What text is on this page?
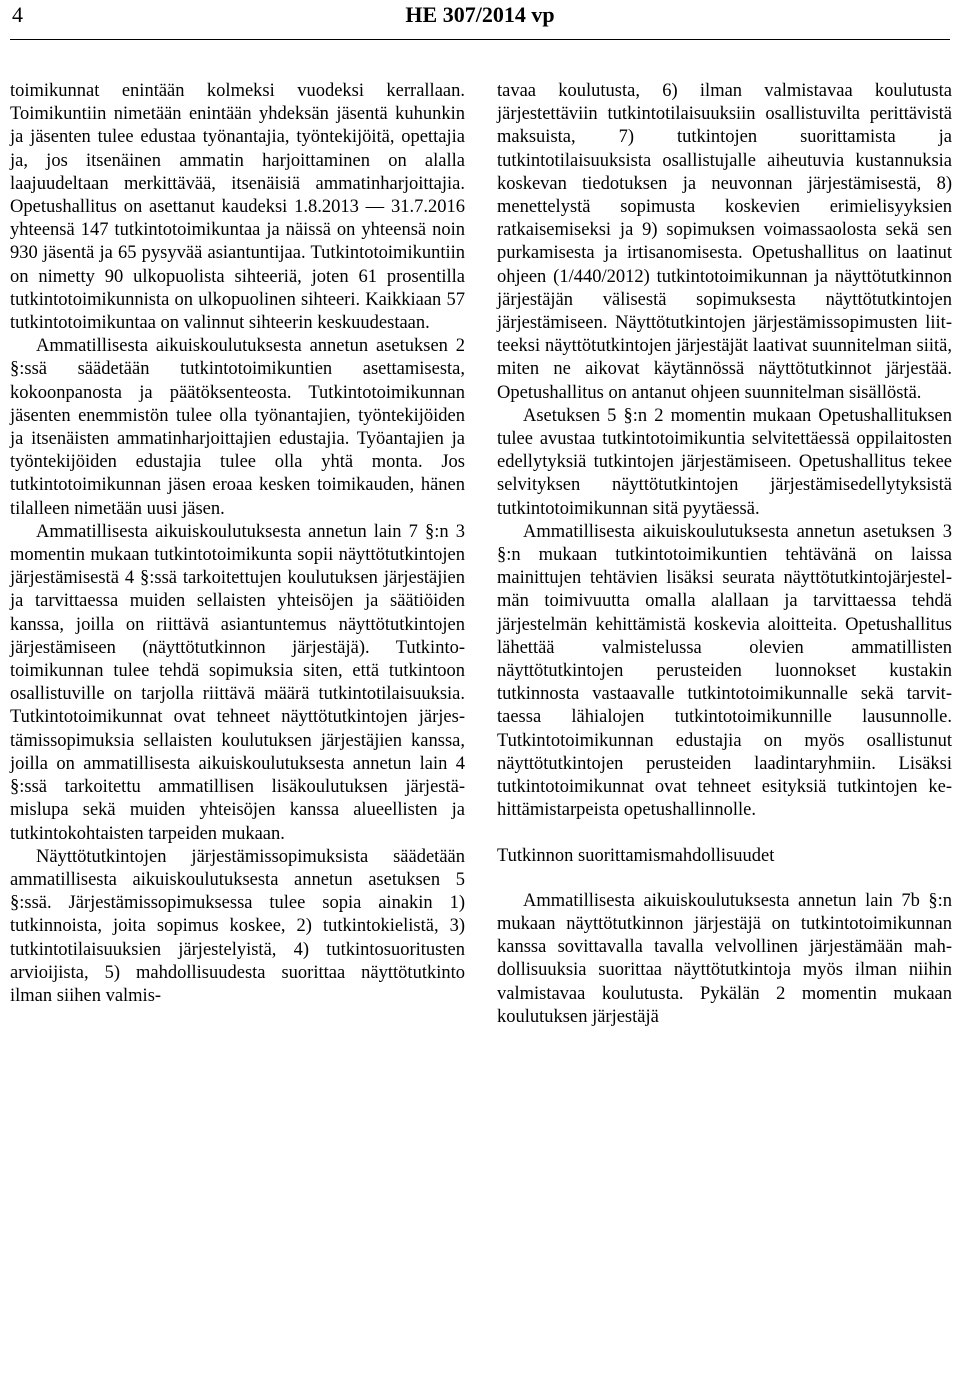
4	HE 307/2014 vp

toimikunnat enintään kolmeksi vuodeksi kerrallaan. Toimikuntiin nimetään enintään yhdeksän jäsentä kuhunkin ja jäsenten tulee edustaa työnantajia, työntekijöitä, opettajia ja, jos itsenäinen ammatin harjoittaminen on alalla laajuudeltaan merkittävää, itsenäisiä ammatinharjoittajia. Opetushallitus on asettanut kaudeksi 1.8.2013 — 31.7.2016 yhteensä 147 tutkintotoimikuntaa ja näissä on yhteensä noin 930 jäsentä ja 65 pysyvää asiantuntijaa. Tutkintotoimikuntiin on nimetty 90 ulkopuolista sihteeriä, joten 61 prosentilla tutkintotoimikunnista on ulkopuolinen sihteeri. Kaikkiaan 57 tutkintotoimikuntaa on valinnut sihteerin keskuudestaan.

Ammatillisesta aikuiskoulutuksesta annetun asetuksen 2 §:ssä säädetään tutkintotoimikuntien asettamisesta, kokoonpanosta ja päätöksenteosta. Tutkintotoimikunnan jäsenten enemmistön tulee olla työnantajien, työntekijöiden ja itsenäisten ammatinharjoittajien edustajia. Työantajien ja työntekijöiden edustajia tulee olla yhtä monta. Jos tutkintotoimikunnan jäsen eroaa kesken toimikauden, hänen tilalleen nimetään uusi jäsen.

Ammatillisesta aikuiskoulutuksesta annetun lain 7 §:n 3 momentin mukaan tutkintotoimikunta sopii näyttötutkintojen järjestämisestä 4 §:ssä tarkoitettujen koulutuksen järjestäjien ja tarvittaessa muiden sellaisten yhteisöjen ja säätiöiden kanssa, joilla on riittävä asiantuntemus näyttötutkintojen järjestämiseen (näyttötutkinnon järjestäjä). Tutkintotoimikunnan tulee tehdä sopimuksia siten, että tutkintoon osallistuville on tarjolla riittävä määrä tutkintotilaisuuksia. Tutkintotoimikunnat ovat tehneet näyttötutkintojen järjestämissopimuksia sellaisten koulutuksen järjestäjien kanssa, joilla on ammatillisesta aikuiskoulutuksesta annetun lain 4 §:ssä tarkoitettu ammatillisen lisäkoulutuksen järjestämislupa sekä muiden yhteisöjen kanssa alueellisten ja tutkintokohtaisten tarpeiden mukaan.

Näyttötutkintojen järjestämissopimuksista säädetään ammatillisesta aikuiskoulutuksesta annetun asetuksen 5 §:ssä. Järjestämissopimuksessa tulee sopia ainakin 1) tutkinnoista, joita sopimus koskee, 2) tutkintokielistä, 3) tutkintotilaisuuksien järjestelyistä, 4) tutkintosuoritusten arvioijista, 5) mahdollisuudesta suorittaa näyttötutkinto ilman siihen valmis-

tavaa koulutusta, 6) ilman valmistavaa koulutusta järjestettäviin tutkintotilaisuuksiin osallistuvilta perittävistä maksuista, 7) tutkintojen suorittamista ja tutkintotilaisuuksista osallistujalle aiheutuvia kustannuksia koskevan tiedotuksen ja neuvonnan järjestämisestä, 8) menettelystä sopimusta koskevien erimielisyyksien ratkaisemiseksi ja 9) sopimuksen voimassaolosta sekä sen purkamisesta ja irtisanomisesta. Opetushallitus on laatinut ohjeen (1/440/2012) tutkintotoimikunnan ja näyttötutkinnon järjestäjän välisestä sopimuksesta näyttötutkintojen järjestämiseen. Näyttötutkintojen järjestämissopimusten liitteeksi näyttötutkintojen järjestäjät laativat suunnitelman siitä, miten ne aikovat käytännössä näyttötutkinnot järjestää. Opetushallitus on antanut ohjeen suunnitelman sisällöstä.

Asetuksen 5 §:n 2 momentin mukaan Opetushallituksen tulee avustaa tutkintotoimikuntia selvitettäessä oppilaitosten edellytyksiä tutkintojen järjestämiseen. Opetushallitus tekee selvityksen näyttötutkintojen järjestämisedellytyksistä tutkintotoimikunnan sitä pyytäessä.

Ammatillisesta aikuiskoulutuksesta annetun asetuksen 3 §:n mukaan tutkintotoimikuntien tehtävänä on laissa mainittujen tehtävien lisäksi seurata näyttötutkintojärjestelmän toimivuutta omalla alallaan ja tarvittaessa tehdä järjestelmän kehittämistä koskevia aloitteita. Opetushallitus lähettää valmistelussa olevien ammatillisten näyttötutkintojen perusteiden luonnokset kustakin tutkinnosta vastaavalle tutkintotoimikunnalle sekä tarvittaessa lähialojen tutkintotoimikunnille lausunnolle. Tutkintotoimikunnan edustajia on myös osallistunut näyttötutkintojen perusteiden laadintaryhmiin. Lisäksi tutkintotoimikunnat ovat tehneet esityksiä tutkintojen kehittämistarpeista opetushallinnolle.

Tutkinnon suorittamismahdollisuudet

Ammatillisesta aikuiskoulutuksesta annetun lain 7b §:n mukaan näyttötutkinnon järjestäjä on tutkintotoimikunnan kanssa sovittavalla tavalla velvollinen järjestämään mahdollisuuksia suorittaa näyttötutkintoja myös ilman niihin valmistavaa koulutusta. Pykälän 2 momentin mukaan koulutuksen järjestäjä
